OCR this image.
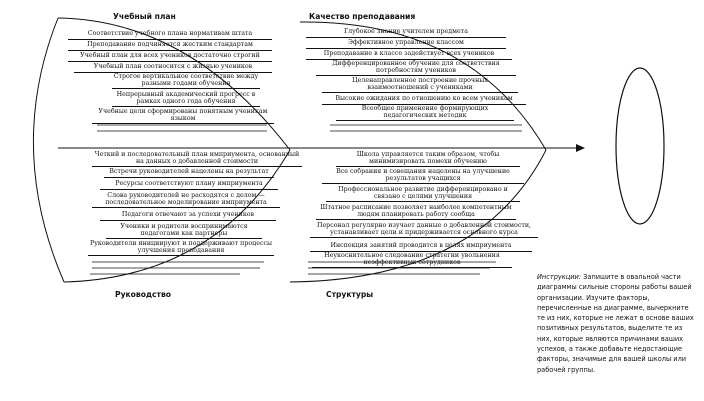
Учебный план	Качество преподавания
Руководство	Структуры
Соответствие учебного плана нормативам штата
Преподавание подчиняется жестким стандартам
Учебный план для всех учеников достаточно строгий
Учебный план соотносится с жизнью учеников
Строгое вертикальное соответствие между разными годами обучения
Непрерывный академический прогресс в рамках одного года обучения
Учебные цели сформированы понятным ученикам языком
Глубокое знание учителем предмета
Эффективное управление классом
Преподавание в классе задействует всех учеников
Дифференцированное обучение для соответствия потребностям учеников
Целенаправленное построение прочных взаимоотношений с учениками
Высокие ожидания по отношению ко всем ученикам
Всеобщее применение формирующих педагогических методик
Четкий и последовательный план имприумента, основанный на данных о добавленной стоимости
Встречи руководителей нацелены на результат
Ресурсы соответствуют плану имприумента
Слова руководителей не расходятся с делом — последовательное моделирование имприумента
Педагоги отвечают за успехи учеников
Ученики и родители воспринимаются педагогами как партнеры
Руководители инициируют и поддерживают процессы улучшения преподавания
Школа управляется таким образом, чтобы минимизировать помехи обучению
Все собрания и совещания нацелены на улучшение результатов учащихся
Профессиональное развитие дифференцировано и связано с целями улучшения
Штатное расписание позволяет наиболее компетентным людям планировать работу сообща
Персонал регулярно изучает данные о добавленной стоимости, устанавливает цели и придерживается основного курса
Инспекция занятий проводится в целях имприумента
Неукоснительное следование стратегии увольнения неэффективных сотрудников
Инструкции: Запишите в овальной части диаграммы сильные стороны работы вашей организации. Изучите факторы, перечисленные на диаграмме, вычеркните те из них, которые не лежат в основе ваших позитивных результатов, выделите те из них, которые являются причинами ваших успехов, а также добавьте недостающие факторы, значимые для вашей школы или рабочей группы.
